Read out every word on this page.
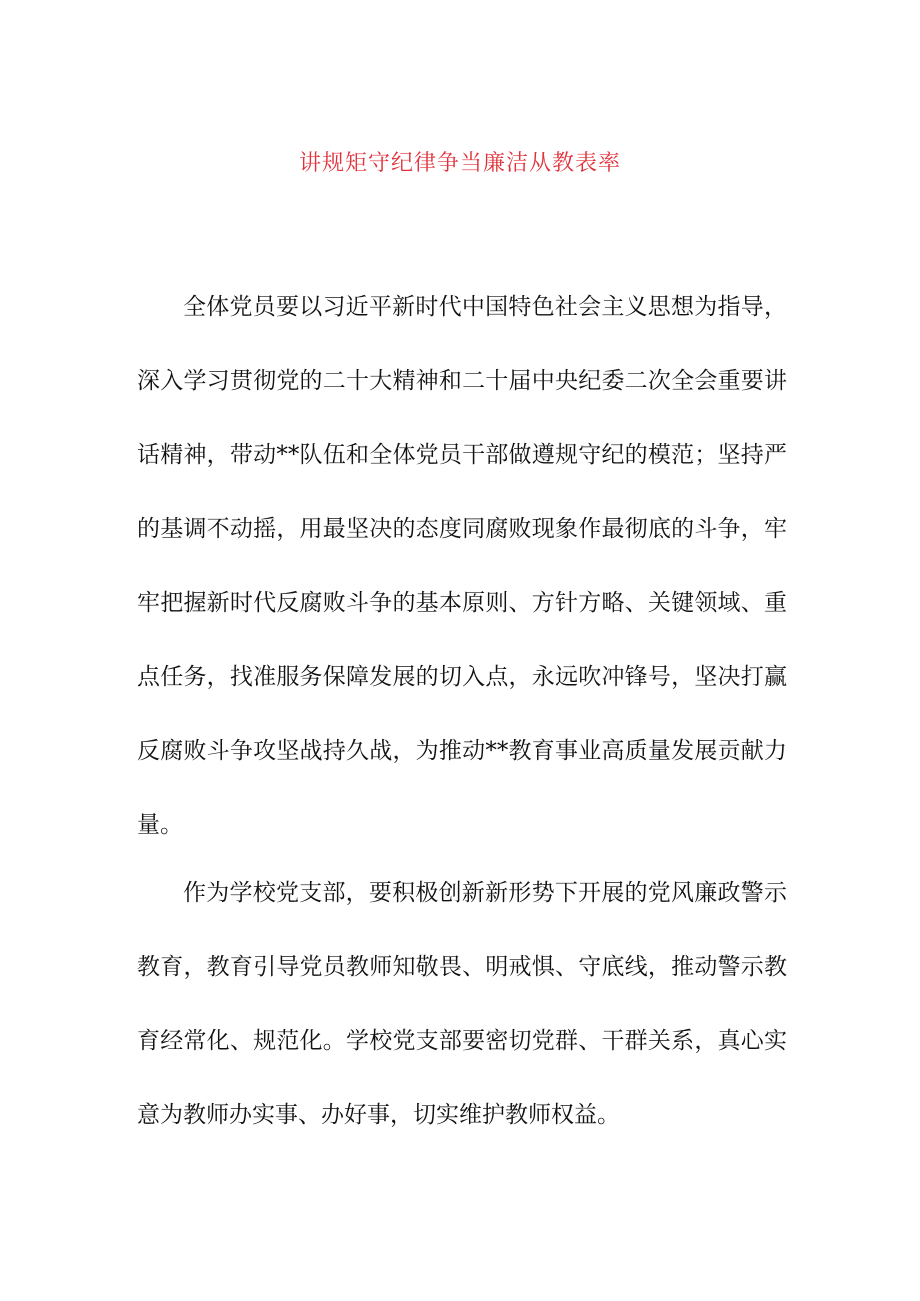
讲规矩守纪律争当廉洁从教表率

全体党员要以习近平新时代中国特色社会主义思想为指导，深入学习贯彻党的二十大精神和二十届中央纪委二次全会重要讲话精神，带动**队伍和全体党员干部做遵规守纪的模范；坚持严的基调不动摇，用最坚决的态度同腐败现象作最彻底的斗争，牢牢把握新时代反腐败斗争的基本原则、方针方略、关键领域、重点任务，找准服务保障发展的切入点，永远吹冲锋号，坚决打赢反腐败斗争攻坚战持久战，为推动**教育事业高质量发展贡献力量。

作为学校党支部，要积极创新新形势下开展的党风廉政警示教育，教育引导党员教师知敬畏、明戒惧、守底线，推动警示教育经常化、规范化。学校党支部要密切党群、干群关系，真心实意为教师办实事、办好事，切实维护教师权益。
